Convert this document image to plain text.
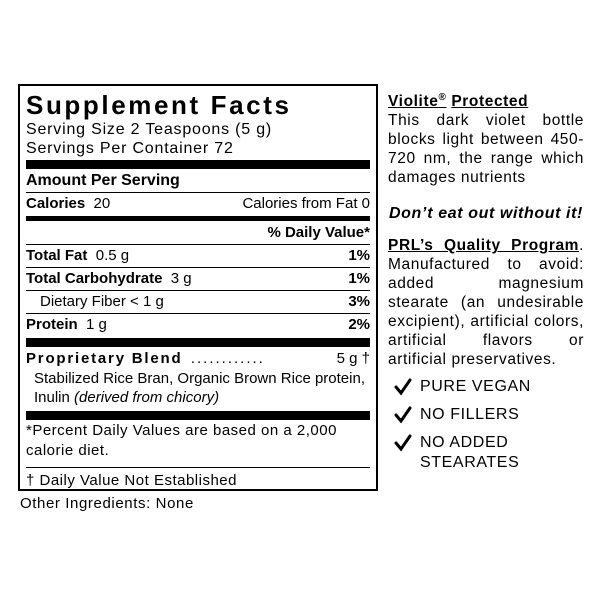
Supplement Facts
Serving Size 2 Teaspoons (5 g)
Servings Per Container 72
Amount Per Serving
Calories 20	Calories from Fat 0
% Daily Value*
Total Fat 0.5 g	1%
Total Carbohydrate 3 g	1%
Dietary Fiber < 1 g	3%
Protein 1 g	2%
Proprietary Blend ............	5 g †
Stabilized Rice Bran, Organic Brown Rice protein, Inulin (derived from chicory)
*Percent Daily Values are based on a 2,000 calorie diet.
† Daily Value Not Established
Other Ingredients: None
Violite® Protected
This dark violet bottle blocks light between 450-720 nm, the range which damages nutrients
Don’t eat out without it!
PRL’s Quality Program. Manufactured to avoid: added magnesium stearate (an undesirable excipient), artificial colors, artificial flavors or artificial preservatives.
PURE VEGAN
NO FILLERS
NO ADDED STEARATES
